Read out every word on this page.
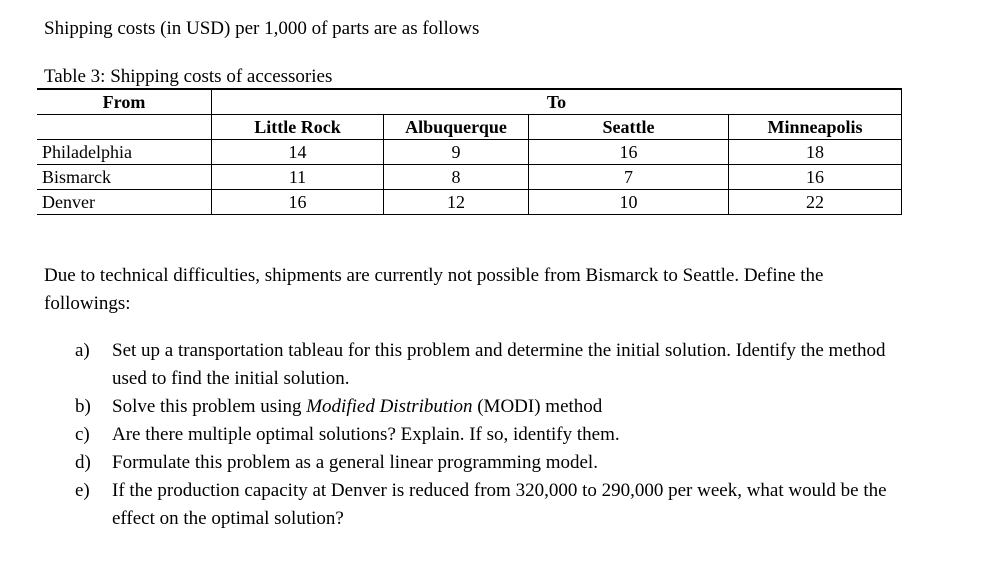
Shipping costs (in USD) per 1,000 of parts are as follows
Table 3: Shipping costs of accessories
From	To			
	Little Rock	Albuquerque	Seattle	Minneapolis
Philadelphia	14	9	16	18
Bismarck	11	8	7	16
Denver	16	12	10	22
Due to technical difficulties, shipments are currently not possible from Bismarck to Seattle. Define the followings:
a) Set up a transportation tableau for this problem and determine the initial solution. Identify the method used to find the initial solution.
b) Solve this problem using Modified Distribution (MODI) method
c) Are there multiple optimal solutions? Explain. If so, identify them.
d) Formulate this problem as a general linear programming model.
e) If the production capacity at Denver is reduced from 320,000 to 290,000 per week, what would be the effect on the optimal solution?
